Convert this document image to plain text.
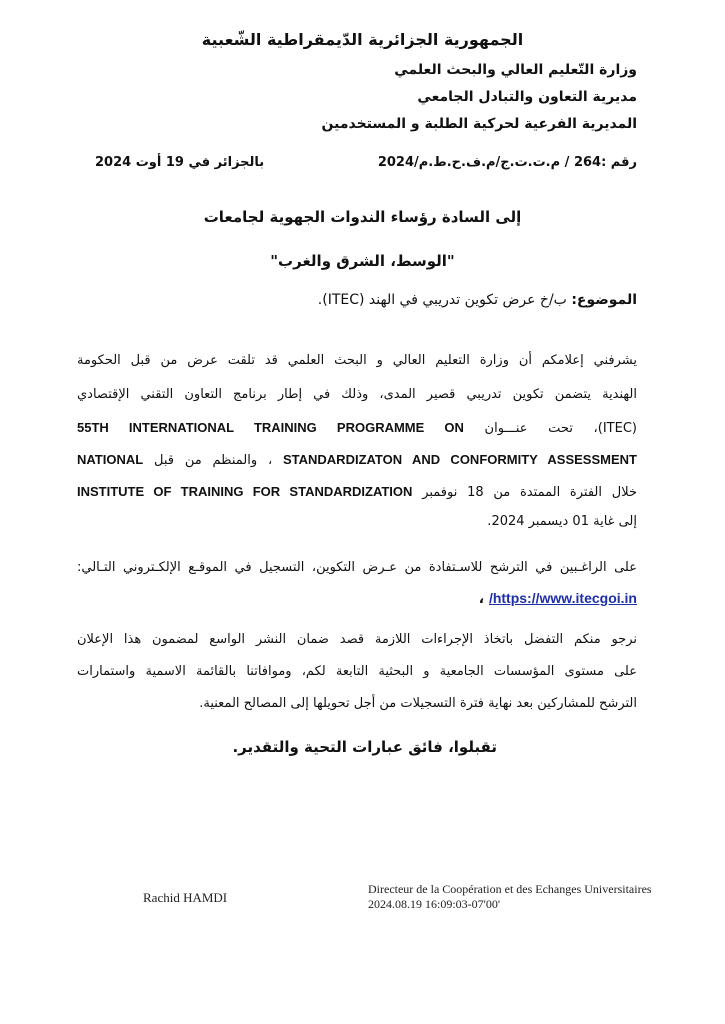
الجمهورية الجزائرية الدّيمقراطية الشّعبية
وزارة التّعليم العالي والبحث العلمي
مديرية التعاون والتبادل الجامعي
المديرية الفرعية لحركية الطلبة و المستخدمين
رقم :264 / م.ت.ت.ج/م.ف.ح.ط.م/2024
بالجزائر في 19 أوت 2024
إلى السادة رؤساء الندوات الجهوية لجامعات
"الوسط، الشرق والغرب"
الموضوع: ب/خ عرض تكوين تدريبي في الهند (ITEC).
يشرفني إعلامكم أن وزارة التعليم العالي و البحث العلمي قد تلقت عرض من قبل الحكومة
الهندية يتضمن تكوين تدريبي قصير المدى، وذلك في إطار برنامج التعاون التقني الإقتصادي
(ITEC)، تحت عنـــوان 55TH INTERNATIONAL TRAINING PROGRAMME ON
STANDARDIZATON AND CONFORMITY ASSESSMENT ، والمنظم من قبل NATIONAL
خلال الفترة الممتدة من 18 نوفمبر INSTITUTE OF TRAINING FOR STANDARDIZATION
إلى غاية 01 ديسمبر 2024.
على الراغـبين في الترشح للاسـتفادة من عـرض التكوين، التسجيل في الموقـع الإلكـتروني التـالي:
https://www.itecgoi.in/ ،
نرجو منكم التفضل باتخاذ الإجراءات اللازمة قصد ضمان النشر الواسع لمضمون هذا الإعلان
على مستوى المؤسسات الجامعية و البحثية التابعة لكم، وموافاتنا بالقائمة الاسمية واستمارات
الترشح للمشاركين بعد نهاية فترة التسجيلات من أجل تحويلها إلى المصالح المعنية.
تقبلوا، فائق عبارات التحية والتقدير.
Rachid HAMDI
Directeur de la Coopération et des Echanges Universitaires
2024.08.19 16:09:03-07'00'
